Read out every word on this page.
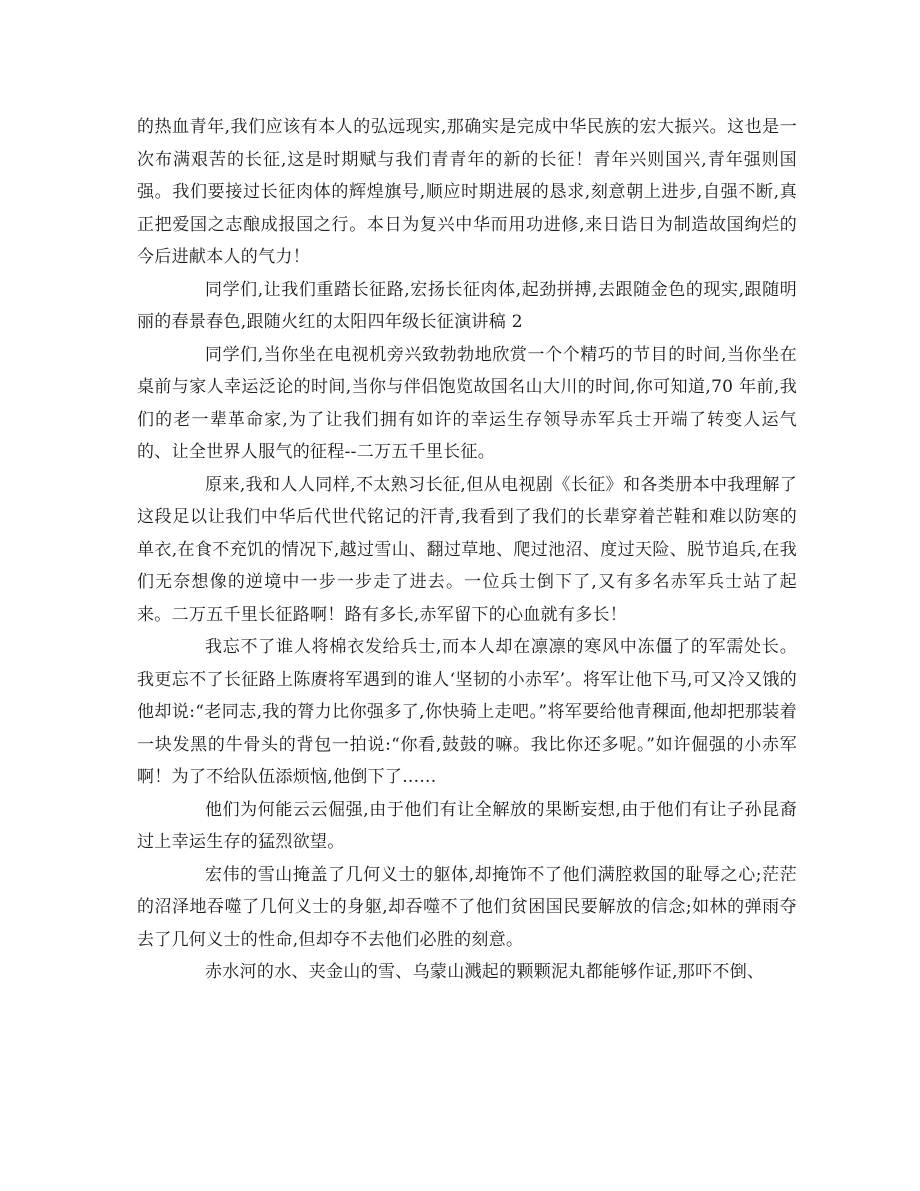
的热血青年,我们应该有本人的弘远现实,那确实是完成中华民族的宏大振兴。这也是一次布满艰苦的长征,这是时期赋与我们青青年的新的长征！青年兴则国兴,青年强则国强。我们要接过长征肉体的辉煌旗号,顺应时期进展的恳求,刻意朝上进步,自强不断,真正把爱国之志酿成报国之行。本日为复兴中华而用功进修,来日诰日为制造故国绚烂的今后进献本人的气力！

同学们,让我们重踏长征路,宏扬长征肉体,起劲拼搏,去跟随金色的现实,跟随明丽的春景春色,跟随火红的太阳四年级长征演讲稿 2

同学们,当你坐在电视机旁兴致勃勃地欣赏一个个精巧的节目的时间,当你坐在桌前与家人幸运泛论的时间,当你与伴侣饱览故国名山大川的时间,你可知道,70 年前,我们的老一辈革命家,为了让我们拥有如许的幸运生存领导赤军兵士开端了转变人运气的、让全世界人服气的征程--二万五千里长征。

原来,我和人人同样,不太熟习长征,但从电视剧《长征》和各类册本中我理解了这段足以让我们中华后代世代铭记的汗青,我看到了我们的长辈穿着芒鞋和难以防寒的单衣,在食不充饥的情况下,越过雪山、翻过草地、爬过池沼、度过天险、脱节追兵,在我们无奈想像的逆境中一步一步走了进去。一位兵士倒下了,又有多名赤军兵士站了起来。二万五千里长征路啊！路有多长,赤军留下的心血就有多长！

我忘不了谁人将棉衣发给兵士,而本人却在凛凛的寒风中冻僵了的军需处长。我更忘不了长征路上陈赓将军遇到的谁人‘坚韧的小赤军’。将军让他下马,可又冷又饿的他却说:“老同志,我的膂力比你强多了,你快骑上走吧。”将军要给他青稞面,他却把那装着一块发黑的牛骨头的背包一拍说:“你看,鼓鼓的嘛。我比你还多呢。”如许倔强的小赤军啊！为了不给队伍添烦恼,他倒下了......

他们为何能云云倔强,由于他们有让全解放的果断妄想,由于他们有让子孙昆裔过上幸运生存的猛烈欲望。

宏伟的雪山掩盖了几何义士的躯体,却掩饰不了他们满腔救国的耻辱之心;茫茫的沼泽地吞噬了几何义士的身躯,却吞噬不了他们贫困国民要解放的信念;如林的弹雨夺去了几何义士的性命,但却夺不去他们必胜的刻意。

赤水河的水、夹金山的雪、乌蒙山溅起的颗颗泥丸都能够作证,那吓不倒、
